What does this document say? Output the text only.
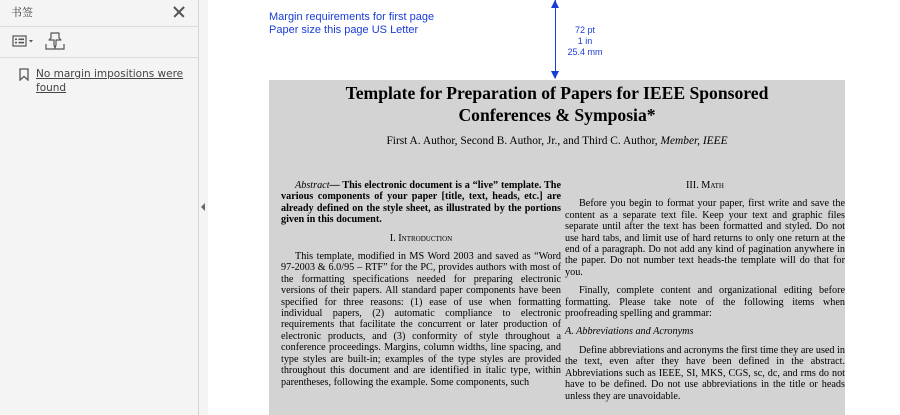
书签
No margin impositions were found
Margin requirements for first page
Paper size this page US Letter	72 pt
1 in
25.4 mm
Template for Preparation of Papers for IEEE Sponsored
Conferences & Symposia*
First A. Author, Second B. Author, Jr., and Third C. Author, Member, IEEE

Abstract— This electronic document is a “live” template. The various components of your paper [title, text, heads, etc.] are already defined on the style sheet, as illustrated by the portions given in this document.

I. Introduction

This template, modified in MS Word 2003 and saved as “Word 97-2003 & 6.0/95 – RTF” for the PC, provides authors with most of the formatting specifications needed for preparing electronic versions of their papers. All standard paper components have been specified for three reasons: (1) ease of use when formatting individual papers, (2) automatic compliance to electronic requirements that facilitate the concurrent or later production of electronic products, and (3) conformity of style throughout a conference proceedings. Margins, column widths, line spacing, and type styles are built-in; examples of the type styles are provided throughout this document and are identified in italic type, within parentheses, following the example. Some components, such

III. Math

Before you begin to format your paper, first write and save the content as a separate text file. Keep your text and graphic files separate until after the text has been formatted and styled. Do not use hard tabs, and limit use of hard returns to only one return at the end of a paragraph. Do not add any kind of pagination anywhere in the paper. Do not number text heads-the template will do that for you.

Finally, complete content and organizational editing before formatting. Please take note of the following items when proofreading spelling and grammar:

A. Abbreviations and Acronyms

Define abbreviations and acronyms the first time they are used in the text, even after they have been defined in the abstract. Abbreviations such as IEEE, SI, MKS, CGS, sc, dc, and rms do not have to be defined. Do not use abbreviations in the title or heads unless they are unavoidable.
